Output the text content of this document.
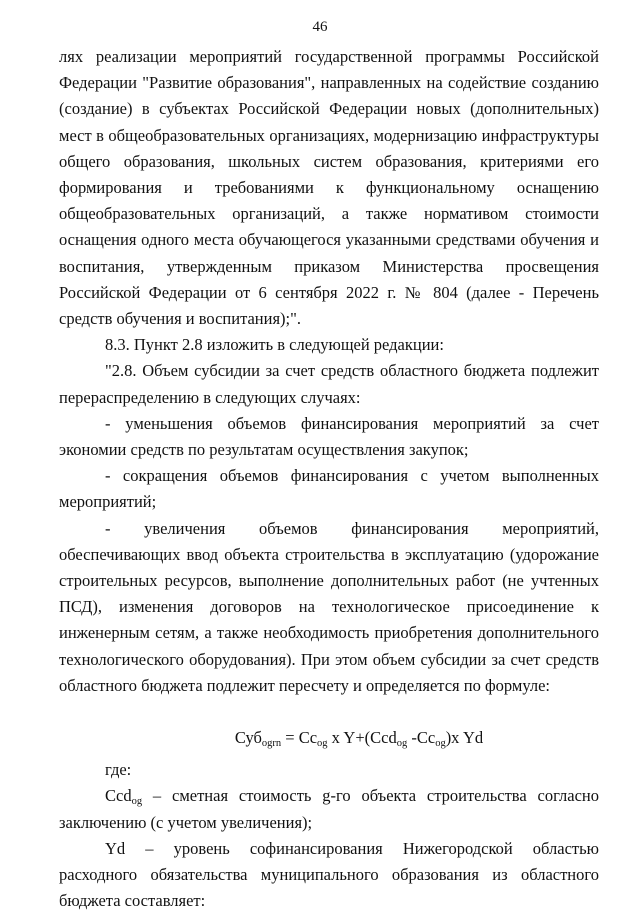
46

лях реализации мероприятий государственной программы Российской Федерации "Развитие образования", направленных на содействие созданию (создание) в субъектах Российской Федерации новых (дополнительных) мест в общеобразовательных организациях, модернизацию инфраструктуры общего образования, школьных систем образования, критериями его формирования и требованиями к функциональному оснащению общеобразовательных организаций, а также нормативом стоимости оснащения одного места обучающегося указанными средствами обучения и воспитания, утвержденным приказом Министерства просвещения Российской Федерации от 6 сентября 2022 г. № 804 (далее - Перечень средств обучения и воспитания);".

8.3. Пункт 2.8 изложить в следующей редакции:

"2.8. Объем субсидии за счет средств областного бюджета подлежит перераспределению в следующих случаях:

- уменьшения объемов финансирования мероприятий за счет экономии средств по результатам осуществления закупок;

- сокращения объемов финансирования с учетом выполненных мероприятий;

- увеличения объемов финансирования мероприятий, обеспечивающих ввод объекта строительства в эксплуатацию (удорожание строительных ресурсов, выполнение дополнительных работ (не учтенных ПСД), изменения договоров на технологическое присоединение к инженерным сетям, а также необходимость приобретения дополнительного технологического оборудования). При этом объем субсидии за счет средств областного бюджета подлежит пересчету и определяется по формуле:

$Суб_{ogrn} = Cc_{og}$ x Y+(Ccd$_{og}$ $-Cc_{og})x$ Yd

где:

Ccd$_{og}$ – сметная стоимость g-го объекта строительства согласно заключению (с учетом увеличения);

Yd – уровень софинансирования Нижегородской областью расходного обязательства муниципального образования из областного бюджета составляет:
